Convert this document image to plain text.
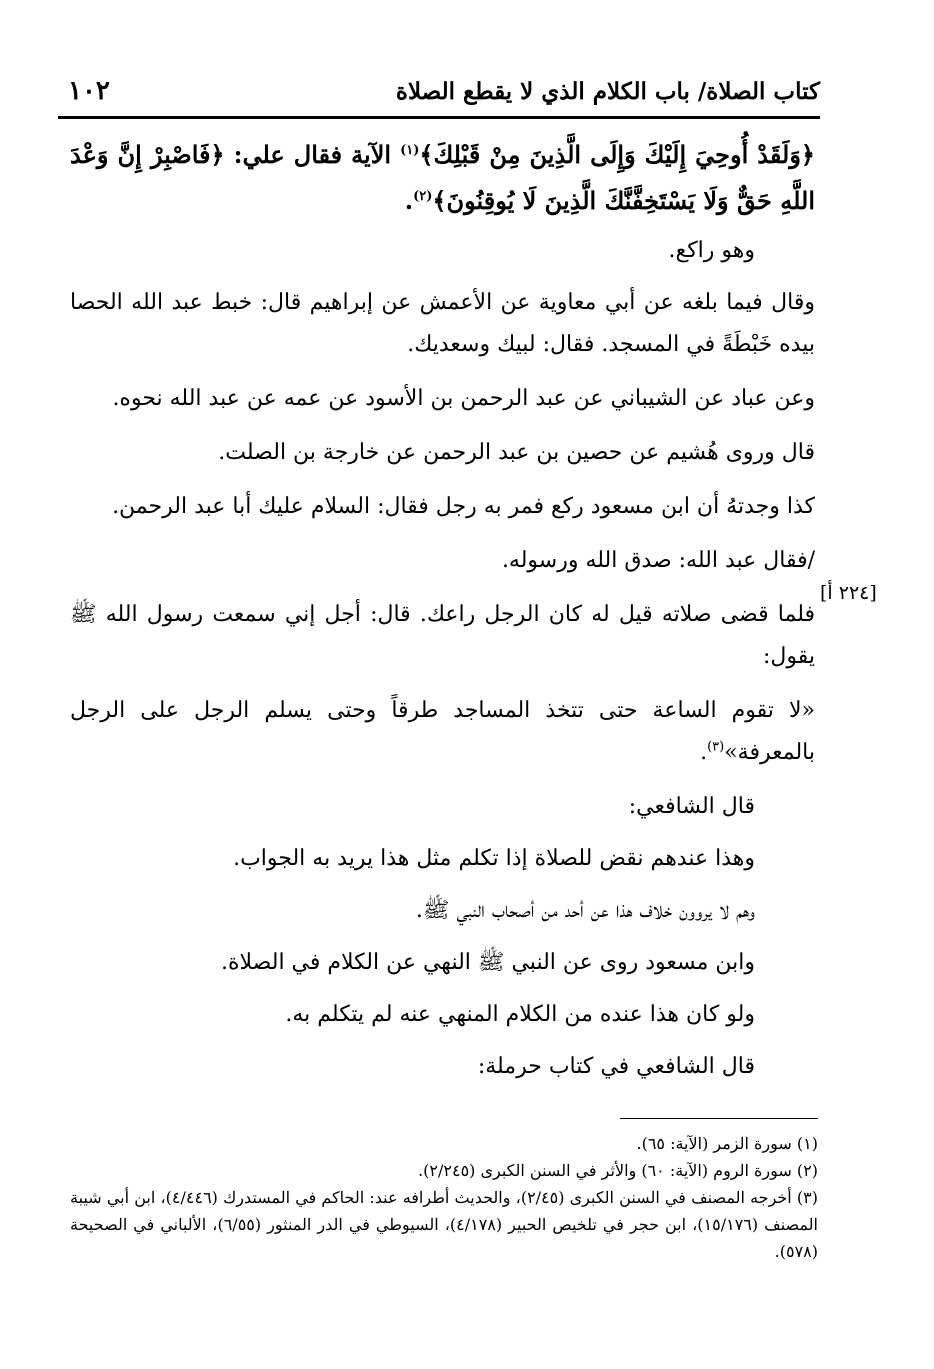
١٠٢	كتاب الصلاة/ باب الكلام الذي لا يقطع الصلاة
[٢٢٤ أ]

﴿وَلَقَدْ أُوحِيَ إِلَيْكَ وَإِلَى الَّذِينَ مِنْ قَبْلِكَ﴾$^{(١)}$ الآية فقال علي: ﴿فَاصْبِرْ إِنَّ وَعْدَ اللَّهِ حَقٌّ وَلَا يَسْتَخِفَّنَّكَ الَّذِينَ لَا يُوقِنُونَ﴾$^{(٢)}$.

وهو راكع.

وقال فيما بلغه عن أبي معاوية عن الأعمش عن إبراهيم قال: خبط عبد الله الحصا بيده خَبْطَةً في المسجد. فقال: لبيك وسعديك.

وعن عباد عن الشيباني عن عبد الرحمن بن الأسود عن عمه عن عبد الله نحوه.

قال وروى هُشيم عن حصين بن عبد الرحمن عن خارجة بن الصلت.

كذا وجدتهُ أن ابن مسعود ركع فمر به رجل فقال: السلام عليك أبا عبد الرحمن.

/فقال عبد الله: صدق الله ورسوله.

فلما قضى صلاته قيل له كان الرجل راعك. قال: أجل إني سمعت رسول الله ﷺ يقول:

«لا تقوم الساعة حتى تتخذ المساجد طرقاً وحتى يسلم الرجل على الرجل بالمعرفة»$^{(٣)}$.

قال الشافعي:

وهذا عندهم نقض للصلاة إذا تكلم مثل هذا يريد به الجواب.

وهم لا يروون خلاف هذا عن أحد من أصحاب النبي ﷺ.

وابن مسعود روى عن النبي ﷺ النهي عن الكلام في الصلاة.

ولو كان هذا عنده من الكلام المنهي عنه لم يتكلم به.

قال الشافعي في كتاب حرملة:

(١) سورة الزمر (الآية: ٦٥).

(٢) سورة الروم (الآية: ٦٠) والأثر في السنن الكبرى (٢/٢٤٥).

(٣) أخرجه المصنف في السنن الكبرى (٢/٤٥)، والحديث أطرافه عند: الحاكم في المستدرك (٤/٤٤٦)، ابن أبي شيبة المصنف (١٥/١٧٦)، ابن حجر في تلخيص الحبير (٤/١٧٨)، السيوطي في الدر المنثور (٦/٥٥)، الألباني في الصحيحة (٥٧٨).
